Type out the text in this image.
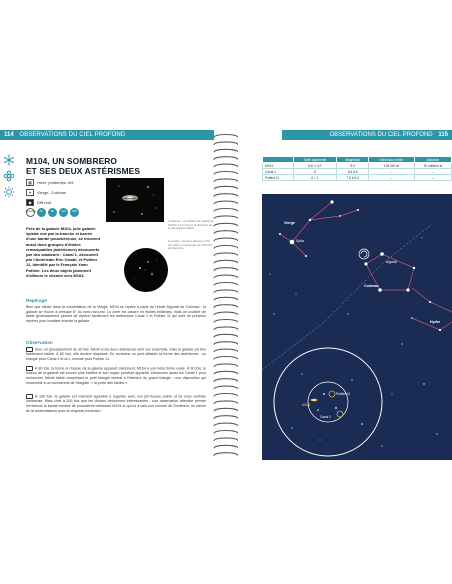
114 OBSERVATIONS DU CIEL PROFOND
M104, UN SOMBRERO
ET SES DEUX ASTÉRISMES
▦	Hiver, printemps, été
✦	Vierge, Corbeau
◆	Diff·rent
Jumelles	60	80	114	200
Ci-dessus : les détails de Carbonne Pothier 11 montrent la direction de la pile galaxie M104.
Près de la galaxie M104, jolie galaxie spirale vue par la tranche et barrée d'une bande poussiéreuse, se trouvent aussi deux groupes d'étoiles remarquables (astérismes) découverts par des amateurs : Canal 1, découvert par l'Américain Eric Canali, et Pothier 11, identifié par le Français Yann Pothier. Les deux objets jalonnent d'ailleurs le chemin vers M104.
Ci-contre : Canal 1 observé à 80 fois dans un télescope de 200 mm de diamètre.
Repérage
Bien que située dans la constellation de la Vierge, M104 se repère à partir de l'étoile Algorab du Corbeau : la galaxie se trouve à presque 6° au nord-nord-est. La zone est pauvre en étoiles brillantes, mais un oculaire de faible grossissement permet de repérer facilement les astérismes Canal 1 et Pothier 11 qui sont de précieux repères pour localiser ensuite la galaxie.
Observation
Avec un grossissement de 30 fois, M104 et les deux astérismes sont vus ensemble, mais la galaxie est très faiblement visible. À 60 fois, elle devient diaphane. En revanche on peut détailler la forme des astérismes : un triangle pour Canal 1 et un L inversé pour Pothier 11.
À 80 fois, la forme en fuseau de la galaxie apparaît clairement, M104 a une belle forme ovale. À 90 fois, le fuseau de la galaxie est encore plus évident et son noyau ponctuel apparaît. Découvrez aussi sur Canal 1 pour rechercher l'étoile faible complétant le petit triangle central à l'intérieur du grand triangle : une disposition qui ressemble à un bonhomme de Stargate, « la porte des étoiles ».
À 160 fois, la galaxie est vraiment agréable à regarder avec son joli fuseau pointu et sa zone centrale lumineuse. Mais c'est à 200 fois que les choses deviennent intéressantes : une observation attentive permet d'entrevoir la bande sombre de poussières ceinturant M104 et qui lui a valu son surnom de Sombrero, en raison de la ressemblance avec le chapeau mexicain !
OBSERVATIONS DU CIEL PROFOND 115
	Taille apparente	Magnitude	Dimension réelle	Distance
M104	8,6' × 4,2'	8,0	105 000 al	32 millions al
Canal 1	6'	6,6 à 8	–	–
Pothier 11	4' × 1'	7,6 à 9,3	–	–
Vierge
Spica
Corbeau
Algorab
Hydre
M104
Pothier 11
Canal 1
